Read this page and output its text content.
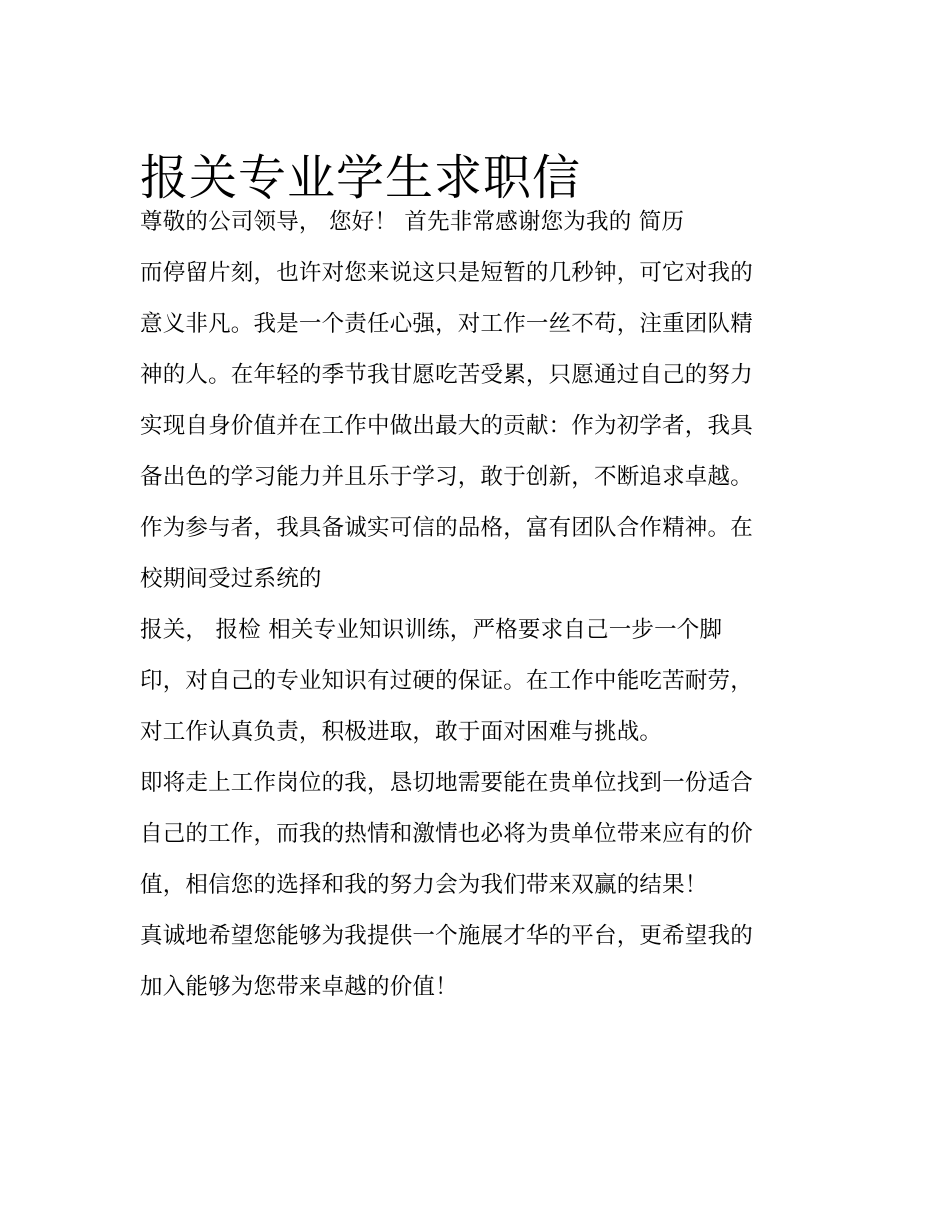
报关专业学生求职信
尊敬的公司领导， 您好！ 首先非常感谢您为我的 简历
而停留片刻，也许对您来说这只是短暂的几秒钟，可它对我的
意义非凡。我是一个责任心强，对工作一丝不苟，注重团队精
神的人。在年轻的季节我甘愿吃苦受累，只愿通过自己的努力
实现自身价值并在工作中做出最大的贡献：作为初学者，我具
备出色的学习能力并且乐于学习，敢于创新，不断追求卓越。
作为参与者，我具备诚实可信的品格，富有团队合作精神。在
校期间受过系统的
报关， 报检 相关专业知识训练，严格要求自己一步一个脚
印，对自己的专业知识有过硬的保证。在工作中能吃苦耐劳，
对工作认真负责，积极进取，敢于面对困难与挑战。
即将走上工作岗位的我，恳切地需要能在贵单位找到一份适合
自己的工作，而我的热情和激情也必将为贵单位带来应有的价
值，相信您的选择和我的努力会为我们带来双赢的结果！
真诚地希望您能够为我提供一个施展才华的平台，更希望我的
加入能够为您带来卓越的价值！
